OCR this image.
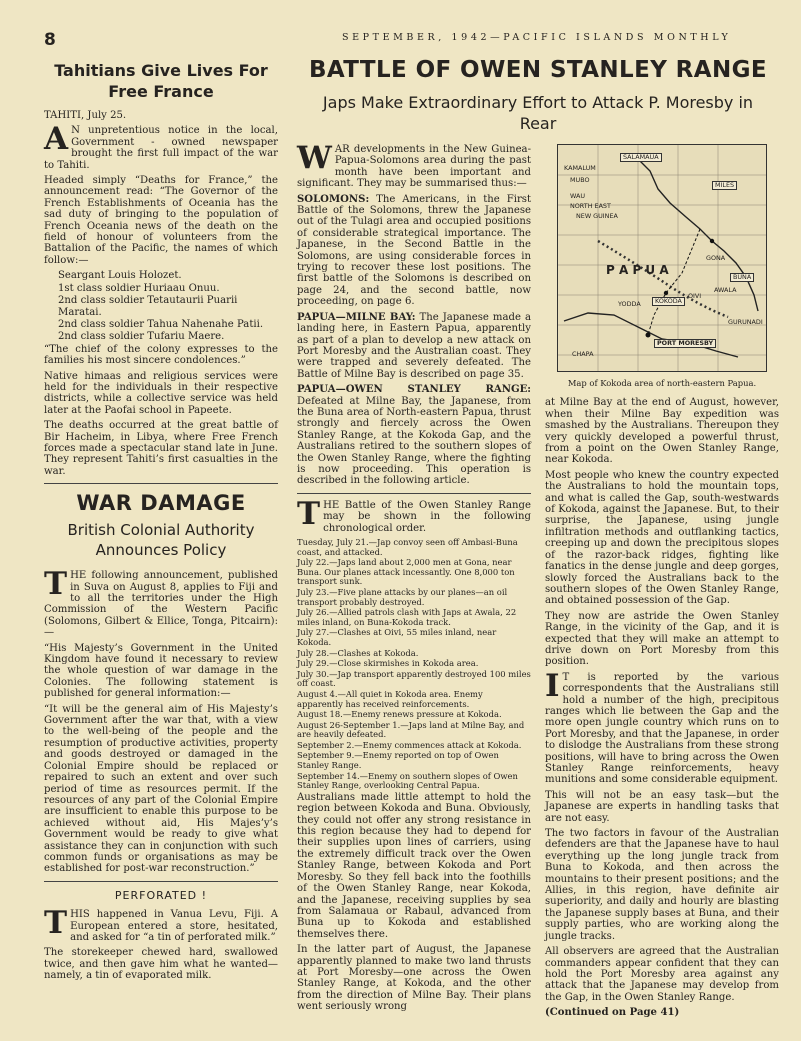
8	SEPTEMBER, 1942—PACIFIC ISLANDS MONTHLY
BATTLE OF OWEN STANLEY RANGE
Japs Make Extraordinary Effort to Attack P. Moresby in Rear
Tahitians Give Lives For Free France

TAHITI, July 25.

A N unpretentious notice in the local, Government - owned newspaper brought the first full impact of the war to Tahiti.

Headed simply “Deaths for France,” the announcement read: “The Governor of the French Establishments of Oceania has the sad duty of bringing to the population of French Oceania news of the death on the field of honour of volunteers from the Battalion of the Pacific, the names of which follow:—

Seargant Louis Holozet.

1st class soldier Huriaau Onuu.

2nd class soldier Tetautaurii Puarii Maratai.

2nd class soldier Tahua Nahenahe Patii.

2nd class soldier Tufariu Maere.

“The chief of the colony expresses to the families his most sincere condolences.”

Native himaas and religious services were held for the individuals in their respective districts, while a collective service was held later at the Paofai school in Papeete.

The deaths occurred at the great battle of Bir Hacheim, in Libya, where Free French forces made a spectacular stand late in June. They represent Tahiti’s first casualties in the war.

WAR DAMAGE
British Colonial Authority Announces Policy

THE following announcement, published in Suva on August 8, applies to Fiji and to all the territories under the High Commission of the Western Pacific (Solomons, Gilbert & Ellice, Tonga, Pitcairn):—

“His Majesty’s Government in the United Kingdom have found it necessary to review the whole question of war damage in the Colonies. The following statement is published for general information:—

“It will be the general aim of His Majesty’s Government after the war that, with a view to the well-being of the people and the resumption of productive activities, property and goods destroyed or damaged in the Colonial Empire should be replaced or repaired to such an extent and over such period of time as resources permit. If the resources of any part of the Colonial Empire are insufficient to enable this purpose to be achieved without aid, His Majes’y’s Government would be ready to give what assistance they can in conjunction with such common funds or organisations as may be established for post-war reconstruction.”

PERFORATED !

THIS happened in Vanua Levu, Fiji. A European entered a store, hesitated, and asked for “a tin of perforated milk.”

The storekeeper chewed hard, swallowed twice, and then gave him what he wanted—namely, a tin of evaporated milk.

WAR developments in the New Guinea-Papua-Solomons area during the past month have been important and significant. They may be summarised thus:—

SOLOMONS: The Americans, in the First Battle of the Solomons, threw the Japanese out of the Tulagi area and occupied positions of considerable strategical importance. The Japanese, in the Second Battle in the Solomons, are using considerable forces in trying to recover these lost positions. The first battle of the Solomons is described on page 24, and the second battle, now proceeding, on page 6.

PAPUA—MILNE BAY: The Japanese made a landing here, in Eastern Papua, apparently as part of a plan to develop a new attack on Port Moresby and the Australian coast. They were trapped and severely defeated. The Battle of Milne Bay is described on page 35.

PAPUA—OWEN STANLEY RANGE: Defeated at Milne Bay, the Japanese, from the Buna area of North-eastern Papua, thrust strongly and fiercely across the Owen Stanley Range, at the Kokoda Gap, and the Australians retired to the southern slopes of the Owen Stanley Range, where the fighting is now proceeding. This operation is described in the following article.

THE Battle of the Owen Stanley Range may be shown in the following chronological order.

Tuesday, July 21.—Jap convoy seen off Ambasi-Buna coast, and attacked.

July 22.—Japs land about 2,000 men at Gona, near Buna. Our planes attack incessantly. One 8,000 ton transport sunk.

July 23.—Five plane attacks by our planes—an oil transport probably destroyed.

July 26.—Allied patrols clash with Japs at Awala, 22 miles inland, on Buna-Kokoda track.

July 27.—Clashes at Oivi, 55 miles inland, near Kokoda.

July 28.—Clashes at Kokoda.

July 29.—Close skirmishes in Kokoda area.

July 30.—Jap transport apparently destroyed 100 miles off coast.

August 4.—All quiet in Kokoda area. Enemy apparently has received reinforcements.

August 18.—Enemy renews pressure at Kokoda.

August 26-September 1.—Japs land at Milne Bay, and are heavily defeated.

September 2.—Enemy commences attack at Kokoda.

September 9.—Enemy reported on top of Owen Stanley Range.

September 14.—Enemy on southern slopes of Owen Stanley Range, overlooking Central Papua.

Australians made little attempt to hold the region between Kokoda and Buna. Obviously, they could not offer any strong resistance in this region because they had to depend for their supplies upon lines of carriers, using the extremely difficult track over the Owen Stanley Range, between Kokoda and Port Moresby. So they fell back into the foothills of the Owen Stanley Range, near Kokoda, and the Japanese, receiving supplies by sea from Salamaua or Rabaul, advanced from Buna up to Kokoda and established themselves there.

In the latter part of August, the Japanese apparently planned to make two land thrusts at Port Moresby—one across the Owen Stanley Range, at Kokoda, and the other from the direction of Milne Bay. Their plans went seriously wrong

SALAMAUA
KAMALUM
MUBO
WAU
NORTH EAST
NEW GUINEA
MILES
P A P U A
GONA
BUNA
KOKODA
OIVI
AWALA
YODDA
GURUNADI
PORT MORESBY
CHAPA
Map of Kokoda area of north-eastern Papua.

at Milne Bay at the end of August, however, when their Milne Bay expedition was smashed by the Australians. Thereupon they very quickly developed a powerful thrust, from a point on the Owen Stanley Range, near Kokoda.

Most people who knew the country expected the Australians to hold the mountain tops, and what is called the Gap, south-westwards of Kokoda, against the Japanese. But, to their surprise, the Japanese, using jungle infiltration methods and outflanking tactics, creeping up and down the precipitous slopes of the razor-back ridges, fighting like fanatics in the dense jungle and deep gorges, slowly forced the Australians back to the southern slopes of the Owen Stanley Range, and obtained possession of the Gap.

They now are astride the Owen Stanley Range, in the vicinity of the Gap, and it is expected that they will make an attempt to drive down on Port Moresby from this position.

I T is reported by the various correspondents that the Australians still hold a number of the high, precipitous ranges which lie between the Gap and the more open jungle country which runs on to Port Moresby, and that the Japanese, in order to dislodge the Australians from these strong positions, will have to bring across the Owen Stanley Range reinforcements, heavy munitions and some considerable equipment.

This will not be an easy task—but the Japanese are experts in handling tasks that are not easy.

The two factors in favour of the Australian defenders are that the Japanese have to haul everything up the long jungle track from Buna to Kokoda, and then across the mountains to their present positions; and the Allies, in this region, have definite air superiority, and daily and hourly are blasting the Japanese supply bases at Buna, and their supply parties, who are working along the jungle tracks.

All observers are agreed that the Australian commanders appear confident that they can hold the Port Moresby area against any attack that the Japanese may develop from the Gap, in the Owen Stanley Range.

(Continued on Page 41)
